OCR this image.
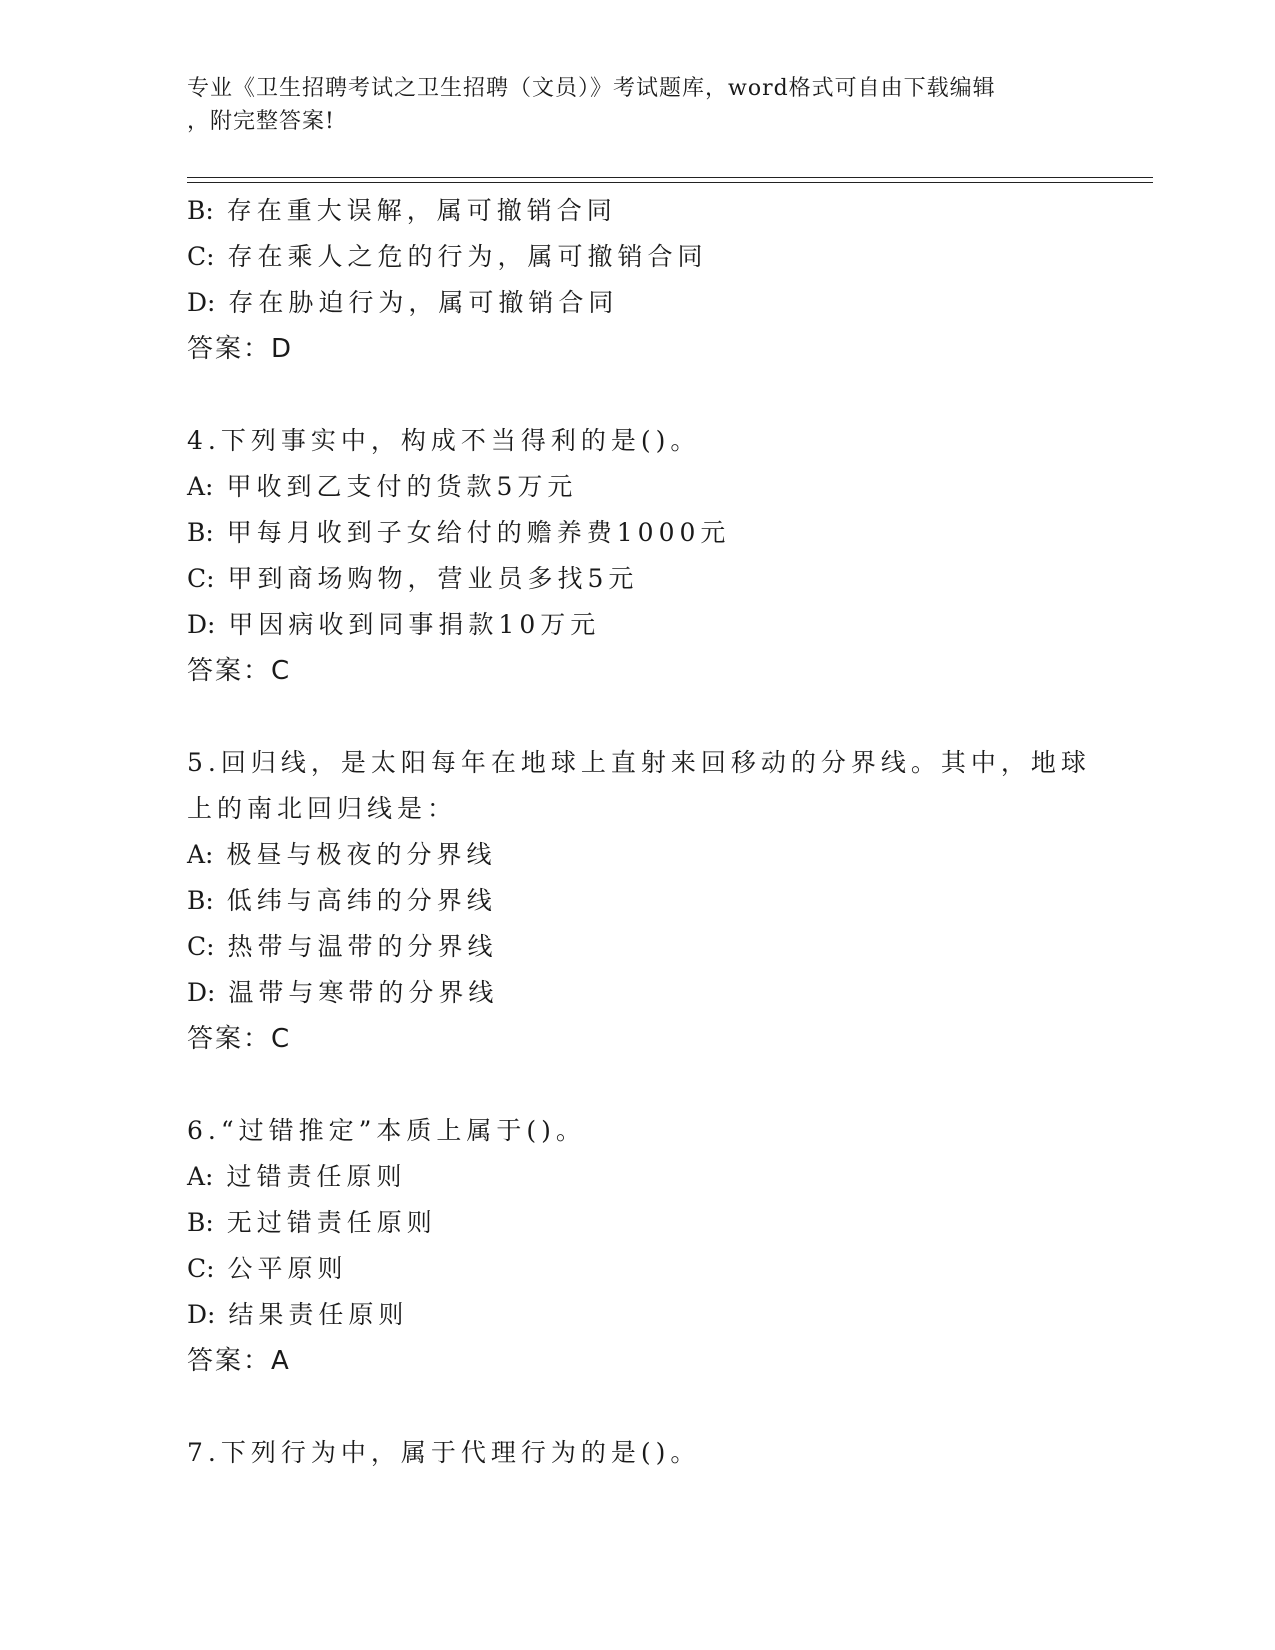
专业《卫生招聘考试之卫生招聘（文员）》考试题库，word格式可自由下载编辑
，附完整答案!
B: 存在重大误解，属可撤销合同
C: 存在乘人之危的行为，属可撤销合同
D: 存在胁迫行为，属可撤销合同
答案：D
4.下列事实中，构成不当得利的是()。
A: 甲收到乙支付的货款5万元
B: 甲每月收到子女给付的赡养费1000元
C: 甲到商场购物，营业员多找5元
D: 甲因病收到同事捐款10万元
答案：C
5.回归线，是太阳每年在地球上直射来回移动的分界线。其中，地球
上的南北回归线是：
A: 极昼与极夜的分界线
B: 低纬与高纬的分界线
C: 热带与温带的分界线
D: 温带与寒带的分界线
答案：C
6.“过错推定”本质上属于()。
A: 过错责任原则
B: 无过错责任原则
C: 公平原则
D: 结果责任原则
答案：A
7.下列行为中，属于代理行为的是()。
